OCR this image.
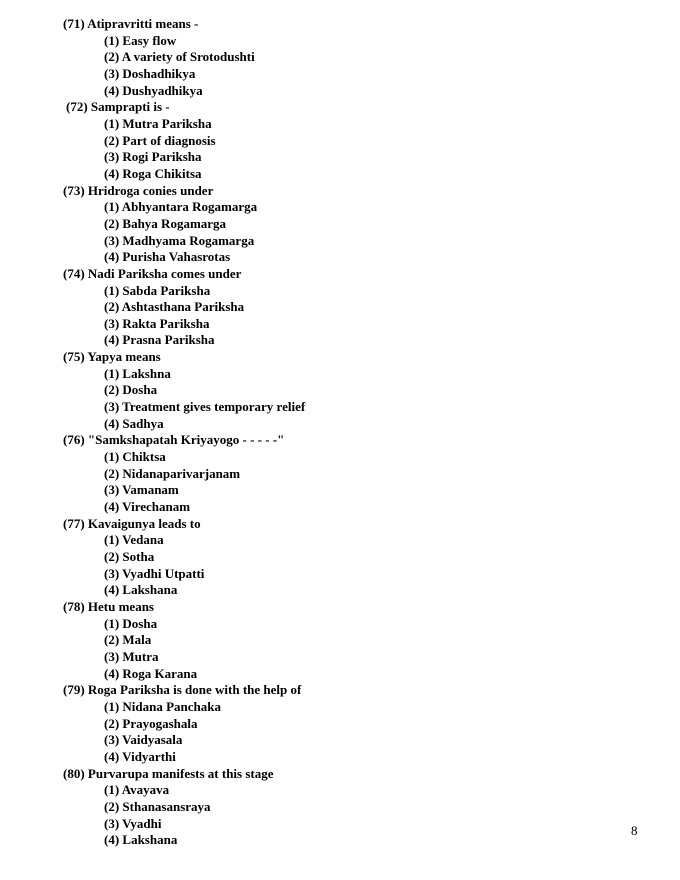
(71) Atipravritti means -
(1) Easy flow
(2) A variety of Srotodushti
(3) Doshadhikya
(4) Dushyadhikya
(72) Samprapti is -
(1) Mutra Pariksha
(2) Part of diagnosis
(3) Rogi Pariksha
(4) Roga Chikitsa
(73) Hridroga conies under
(1) Abhyantara Rogamarga
(2) Bahya Rogamarga
(3) Madhyama Rogamarga
(4) Purisha Vahasrotas
(74) Nadi Pariksha comes under
(1) Sabda Pariksha
(2) Ashtasthana Pariksha
(3) Rakta Pariksha
(4) Prasna Pariksha
(75) Yapya means
(1) Lakshna
(2) Dosha
(3) Treatment gives temporary relief
(4) Sadhya
(76) "Samkshapatah Kriyayogo - - - - -"
(1) Chiktsa
(2) Nidanaparivarjanam
(3) Vamanam
(4) Virechanam
(77) Kavaigunya leads to
(1) Vedana
(2) Sotha
(3) Vyadhi Utpatti
(4) Lakshana
(78) Hetu means
(1) Dosha
(2) Mala
(3) Mutra
(4) Roga Karana
(79) Roga Pariksha is done with the help of
(1) Nidana Panchaka
(2) Prayogashala
(3) Vaidyasala
(4) Vidyarthi
(80) Purvarupa manifests at this stage
(1) Avayava
(2) Sthanasansraya
(3) Vyadhi
(4) Lakshana
8
